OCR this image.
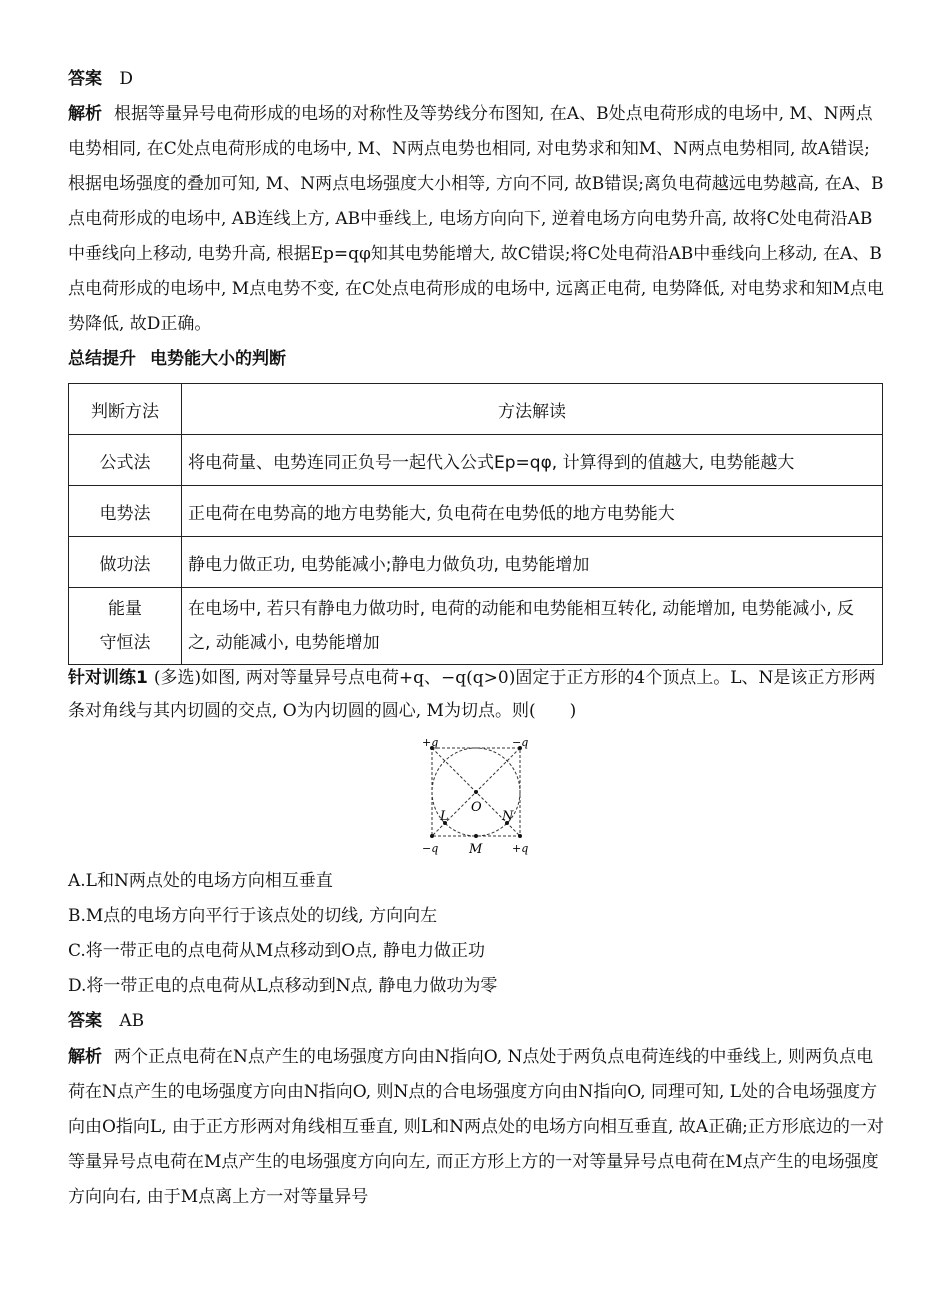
答案 D

解析 根据等量异号电荷形成的电场的对称性及等势线分布图知, 在A、B处点电荷形成的电场中, M、N两点电势相同, 在C处点电荷形成的电场中, M、N两点电势也相同, 对电势求和知M、N两点电势相同, 故A错误;根据电场强度的叠加可知, M、N两点电场强度大小相等, 方向不同, 故B错误;离负电荷越远电势越高, 在A、B点电荷形成的电场中, AB连线上方, AB中垂线上, 电场方向向下, 逆着电场方向电势升高, 故将C处电荷沿AB中垂线向上移动, 电势升高, 根据Ep=qφ知其电势能增大, 故C错误;将C处电荷沿AB中垂线向上移动, 在A、B点电荷形成的电场中, M点电势不变, 在C处点电荷形成的电场中, 远离正电荷, 电势降低, 对电势求和知M点电势降低, 故D正确。

总结提升 电势能大小的判断
判断方法	方法解读
公式法	将电荷量、电势连同正负号一起代入公式Ep=qφ, 计算得到的值越大, 电势能越大
电势法	正电荷在电势高的地方电势能大, 负电荷在电势低的地方电势能大
做功法	静电力做正功, 电势能减小;静电力做负功, 电势能增加
能量
守恒法	在电场中, 若只有静电力做功时, 电荷的动能和电势能相互转化, 动能增加, 电势能减小, 反之, 动能减小, 电势能增加

针对训练1 (多选)如图, 两对等量异号点电荷+q、−q(q>0)固定于正方形的4个顶点上。L、N是该正方形两条对角线与其内切圆的交点, O为内切圆的圆心, M为切点。则(　　)

+q	−q
−q	+q
O
L	N
M
A.L和N两点处的电场方向相互垂直
B.M点的电场方向平行于该点处的切线, 方向向左
C.将一带正电的点电荷从M点移动到O点, 静电力做正功
D.将一带正电的点电荷从L点移动到N点, 静电力做功为零
答案 AB

解析 两个正点电荷在N点产生的电场强度方向由N指向O, N点处于两负点电荷连线的中垂线上, 则两负点电荷在N点产生的电场强度方向由N指向O, 则N点的合电场强度方向由N指向O, 同理可知, L处的合电场强度方向由O指向L, 由于正方形两对角线相互垂直, 则L和N两点处的电场方向相互垂直, 故A正确;正方形底边的一对等量异号点电荷在M点产生的电场强度方向向左, 而正方形上方的一对等量异号点电荷在M点产生的电场强度方向向右, 由于M点离上方一对等量异号
